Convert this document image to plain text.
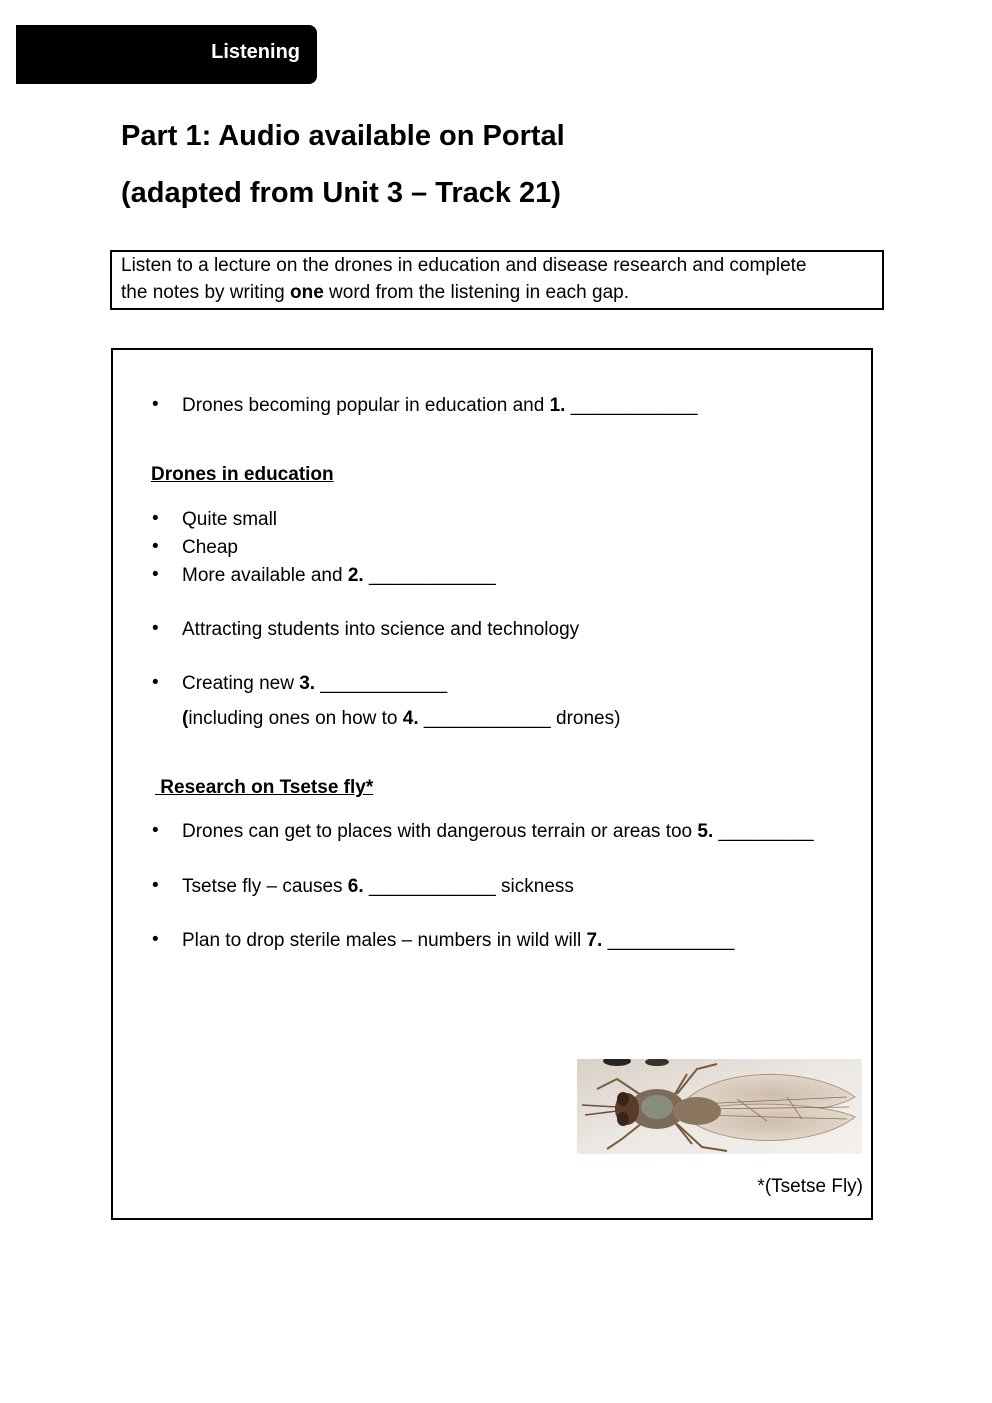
Listening
Part 1: Audio available on Portal
(adapted from Unit 3 – Track 21)
Listen to a lecture on the drones in education and disease research and complete
the notes by writing one word from the listening in each gap.
• Drones becoming popular in education and 1. ____________
Drones in education
• Quite small
• Cheap
• More available and 2. ____________
• Attracting students into science and technology
• Creating new 3. ____________
(including ones on how to 4. ____________ drones)
Research on Tsetse fly*
• Drones can get to places with dangerous terrain or areas too 5. _________
• Tsetse fly – causes 6. ____________ sickness
• Plan to drop sterile males – numbers in wild will 7. ____________
*(Tsetse Fly)
